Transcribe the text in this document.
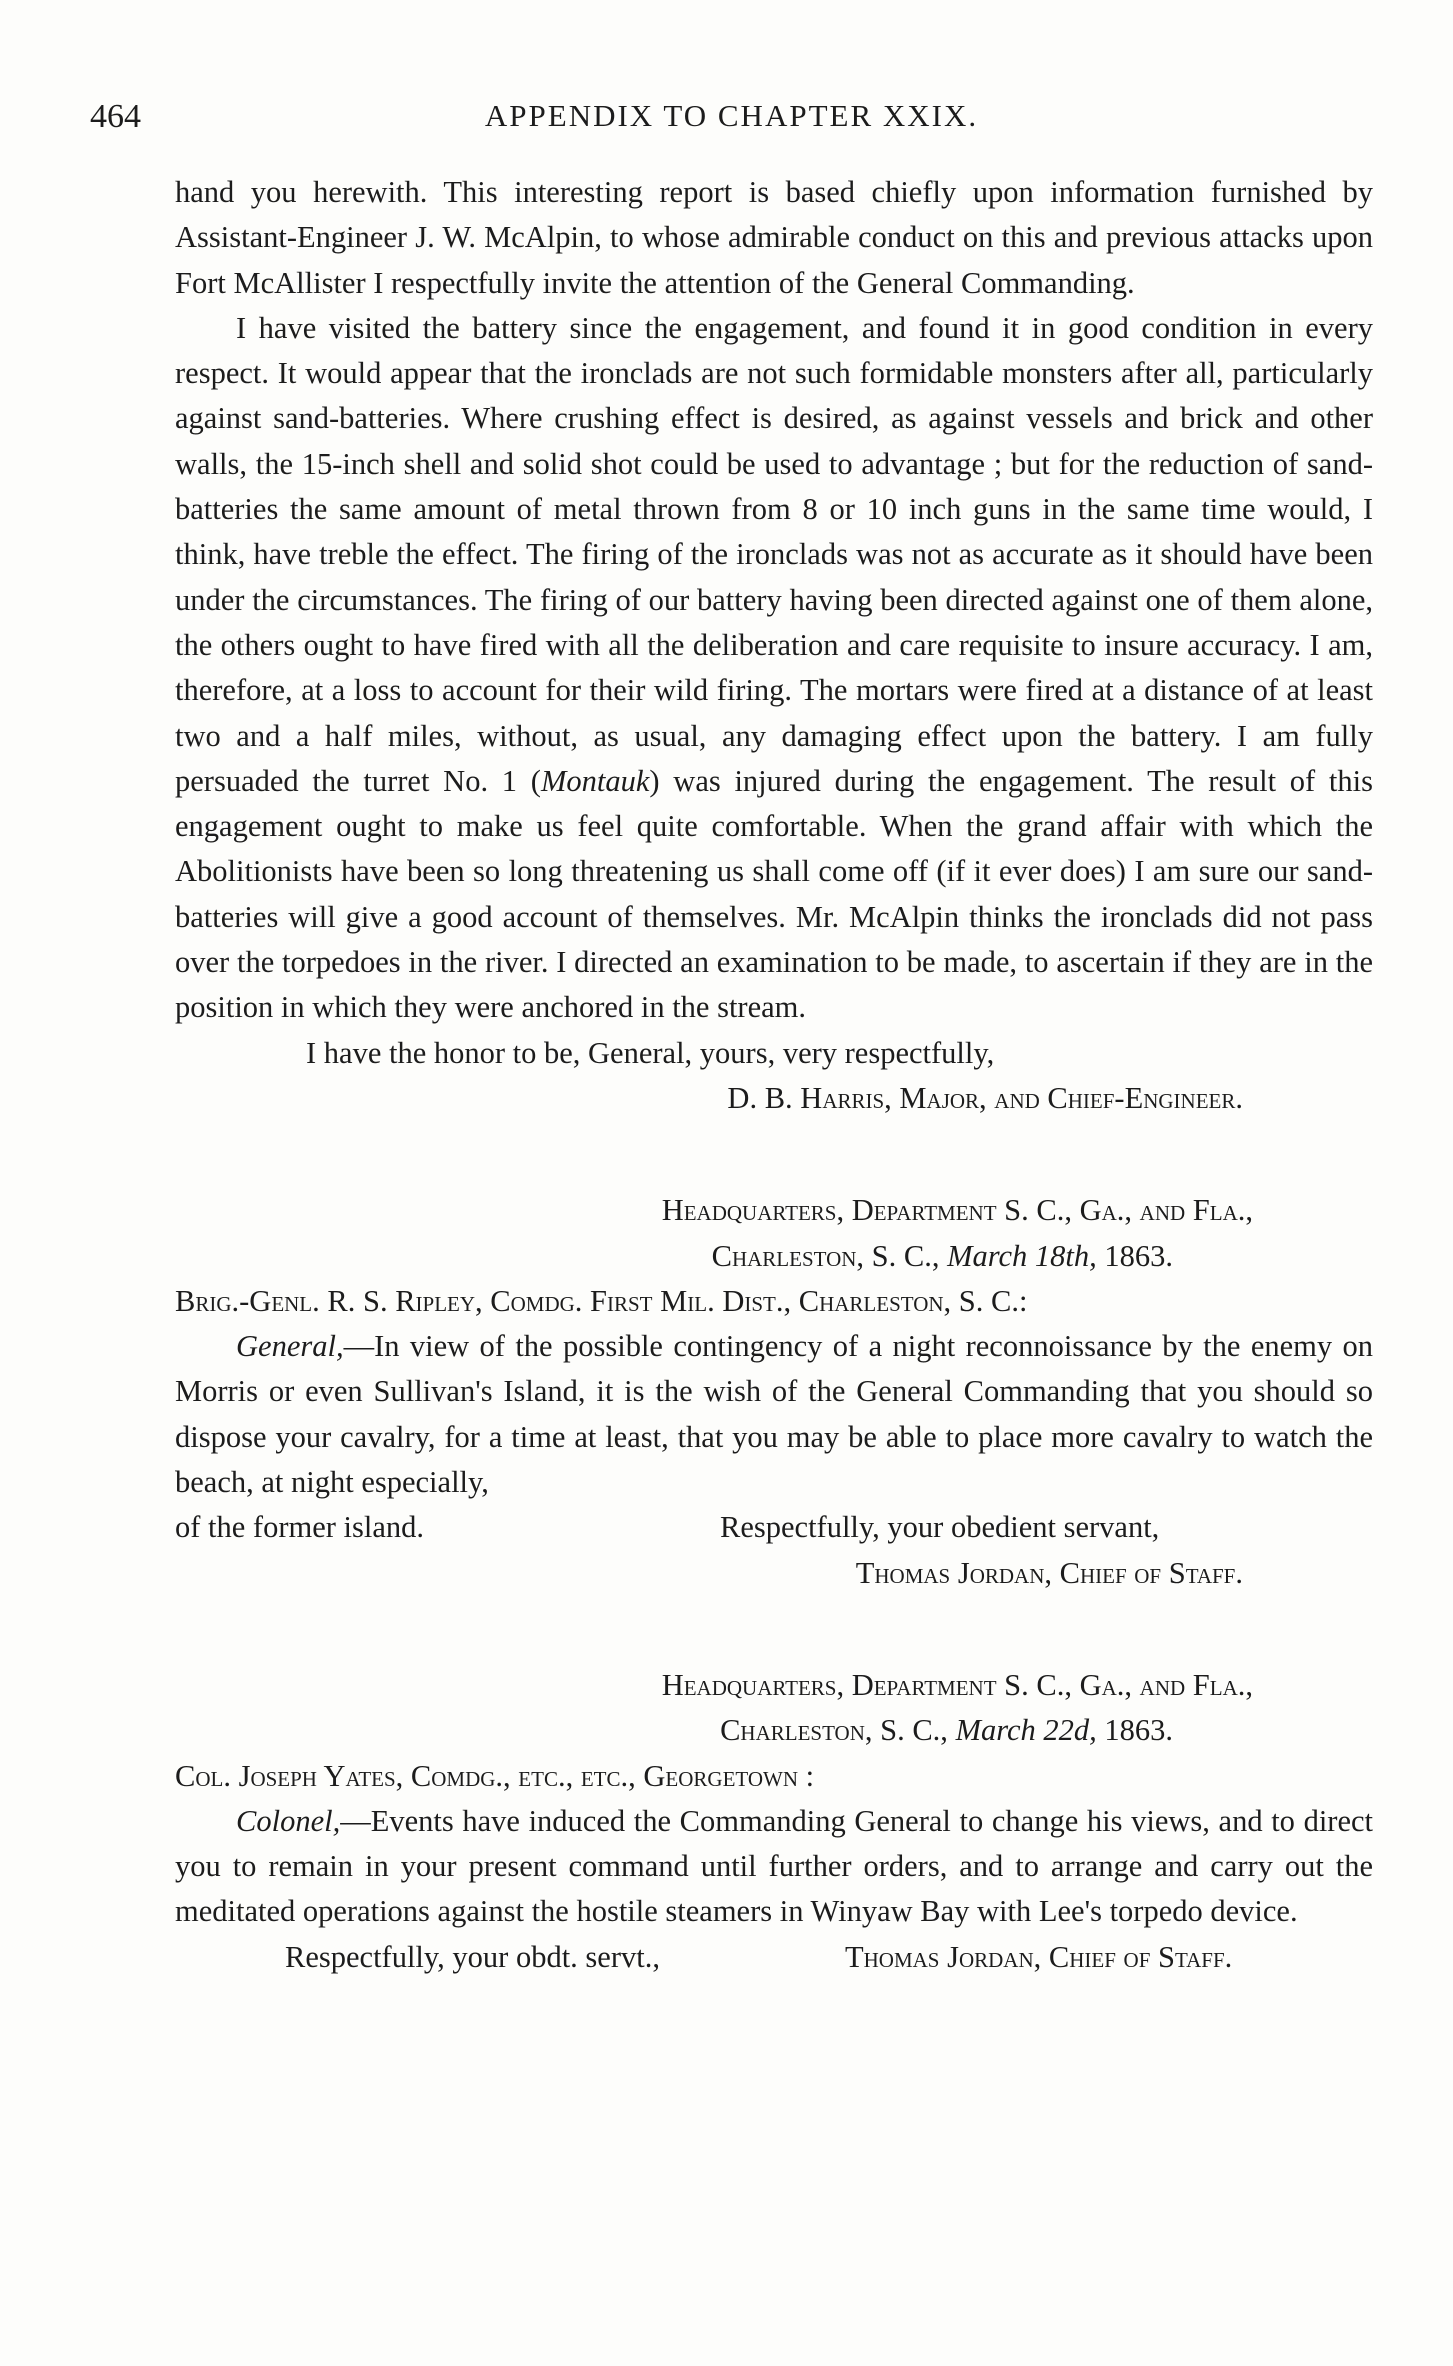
464	APPENDIX TO CHAPTER XXIX.

hand you herewith. This interesting report is based chiefly upon information furnished by Assistant-Engineer J. W. McAlpin, to whose admirable conduct on this and previous attacks upon Fort McAllister I respectfully invite the attention of the General Commanding.

I have visited the battery since the engagement, and found it in good condition in every respect. It would appear that the ironclads are not such formidable monsters after all, particularly against sand-batteries. Where crushing effect is desired, as against vessels and brick and other walls, the 15-inch shell and solid shot could be used to advantage ; but for the reduction of sand-batteries the same amount of metal thrown from 8 or 10 inch guns in the same time would, I think, have treble the effect. The firing of the ironclads was not as accurate as it should have been under the circumstances. The firing of our battery having been directed against one of them alone, the others ought to have fired with all the deliberation and care requisite to insure accuracy. I am, therefore, at a loss to account for their wild firing. The mortars were fired at a distance of at least two and a half miles, without, as usual, any damaging effect upon the battery. I am fully persuaded the turret No. 1 (Montauk) was injured during the engagement. The result of this engagement ought to make us feel quite comfortable. When the grand affair with which the Abolitionists have been so long threatening us shall come off (if it ever does) I am sure our sand-batteries will give a good account of themselves. Mr. McAlpin thinks the ironclads did not pass over the torpedoes in the river. I directed an examination to be made, to ascertain if they are in the position in which they were anchored in the stream.

I have the honor to be, General, yours, very respectfully,

D. B. Harris, Major, and Chief-Engineer.

Headquarters, Department S. C., Ga., and Fla.,

Charleston, S. C., March 18th, 1863.

Brig.-Genl. R. S. Ripley, Comdg. First Mil. Dist., Charleston, S. C.:

General,—In view of the possible contingency of a night reconnoissance by the enemy on Morris or even Sullivan's Island, it is the wish of the General Commanding that you should so dispose your cavalry, for a time at least, that you may be able to place more cavalry to watch the beach, at night especially,

of the former island.	Respectfully, your obedient servant,

Thomas Jordan, Chief of Staff.

Headquarters, Department S. C., Ga., and Fla.,

Charleston, S. C., March 22d, 1863.

Col. Joseph Yates, Comdg., etc., etc., Georgetown :

Colonel,—Events have induced the Commanding General to change his views, and to direct you to remain in your present command until further orders, and to arrange and carry out the meditated operations against the hostile steamers in Winyaw Bay with Lee's torpedo device.

Respectfully, your obdt. servt.,	Thomas Jordan, Chief of Staff.
